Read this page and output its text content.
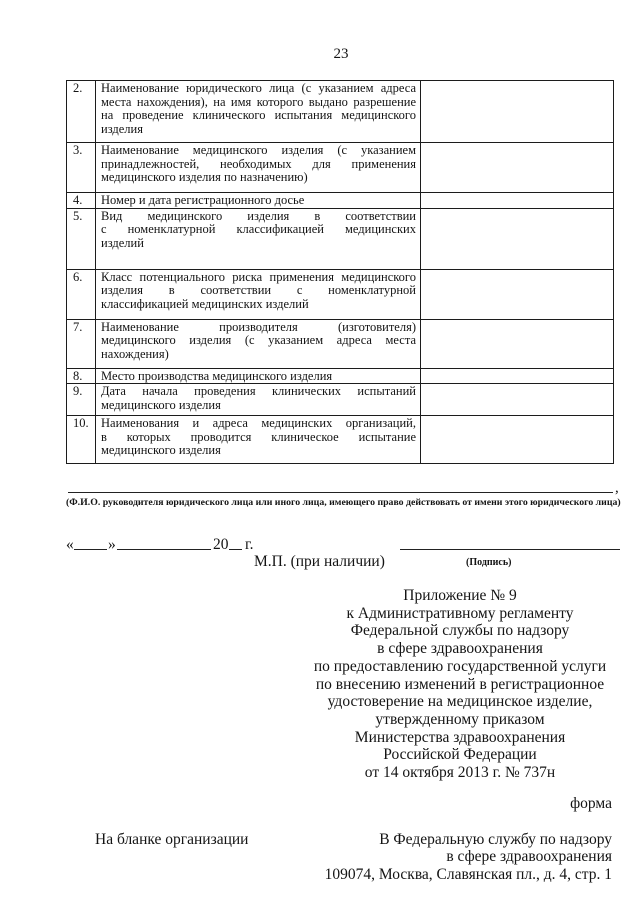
23
2.	Наименование юридического лица (с указанием адреса
места нахождения), на имя которого выдано разрешение
на проведение клинического испытания медицинского
изделия	

3.	Наименование медицинского изделия (с указанием
принадлежностей, необходимых для применения
медицинского изделия по назначению)	

4.	Номер и дата регистрационного досье	

5.	Вид медицинского изделия в соответствии
с номенклатурной классификацией медицинских
изделий	

6.	Класс потенциального риска применения медицинского
изделия в соответствии с номенклатурной
классификацией медицинских изделий	

7.	Наименование производителя (изготовителя)
медицинского изделия (с указанием адреса места
нахождения)	

8.	Место производства медицинского изделия	

9.	Дата начала проведения клинических испытаний
медицинского изделия	

10.	Наименования и адреса медицинских организаций,
в которых проводится клиническое испытание
медицинского изделия	

,
(Ф.И.О. руководителя юридического лица или иного лица, имеющего право действовать от имени этого юридического лица)
« »	20 г.
М.П. (при наличии)	(Подпись)
Приложение № 9
к Административному регламенту
Федеральной службы по надзору
в сфере здравоохранения
по предоставлению государственной услуги
по внесению изменений в регистрационное
удостоверение на медицинское изделие,
утвержденному приказом
Министерства здравоохранения
Российской Федерации
от 14 октября 2013 г. № 737н
форма
На бланке организации	В Федеральную службу по надзору
в сфере здравоохранения
109074, Москва, Славянская пл., д. 4, стр. 1
